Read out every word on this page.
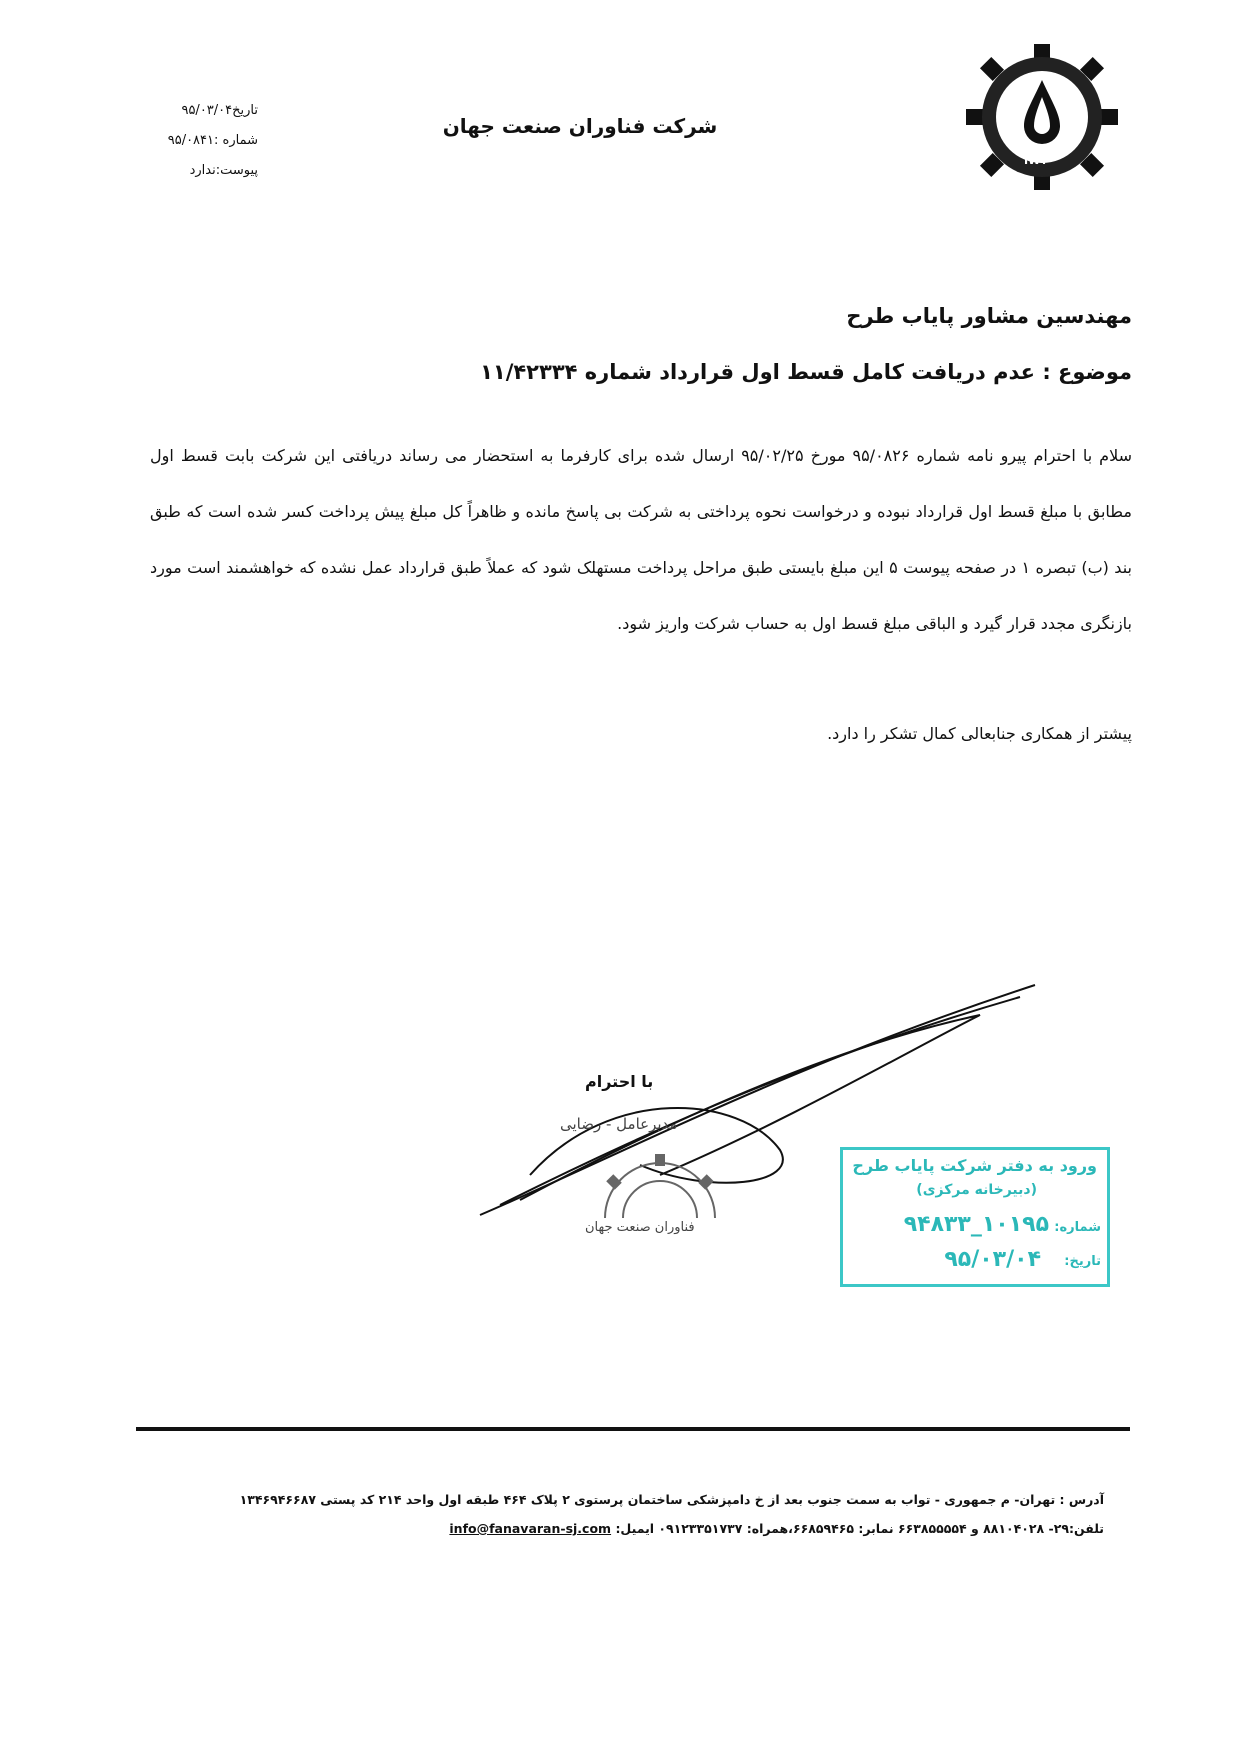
IWT
شرکت فناوران صنعت جهان
تاریخ۹۵/۰۳/۰۴
شماره :۹۵/۰۸۴۱
پیوست:ندارد
مهندسین مشاور پایاب طرح
موضوع : عدم دریافت کامل قسط اول قرارداد شماره ۱۱/۴۲۳۳۴

سلام با احترام پیرو نامه شماره ۹۵/۰۸۲۶ مورخ ۹۵/۰۲/۲۵ ارسال شده برای کارفرما به استحضار می رساند دریافتی این شرکت بابت قسط اول مطابق با مبلغ قسط اول قرارداد نبوده و درخواست نحوه پرداختی به شرکت بی پاسخ مانده و ظاهراً کل مبلغ پیش پرداخت کسر شده است که طبق بند (ب) تبصره ۱ در صفحه پیوست ۵ این مبلغ بایستی طبق مراحل پرداخت مستهلک شود که عملاً طبق قرارداد عمل نشده که خواهشمند است مورد بازنگری مجدد قرار گیرد و الباقی مبلغ قسط اول به حساب شرکت واریز شود.

پیشتر از همکاری جنابعالی کمال تشکر را دارد.
با احترام
مدیرعامل - رضایی
فناوران صنعت جهان
ورود به دفتر شرکت پایاب طرح
(دبیرخانه مرکزی)
شماره:
۱۰۱۹۵_۹۴۸۳۳
تاریخ:
۹۵/۰۳/۰۴
آدرس : تهران- م جمهوری - تواب به سمت جنوب بعد از خ دامپزشکی ساختمان پرستوی ۲ پلاک ۴۶۴ طبقه اول واحد ۲۱۴ کد پستی ۱۳۴۶۹۴۶۶۸۷
تلفن:۲۹- ۸۸۱۰۴۰۲۸ و ۶۶۳۸۵۵۵۵۴ نمابر: ۶۶۸۵۹۴۶۵،همراه: ۰۹۱۲۳۳۵۱۷۳۷ ایمیل: info@fanavaran-sj.com
